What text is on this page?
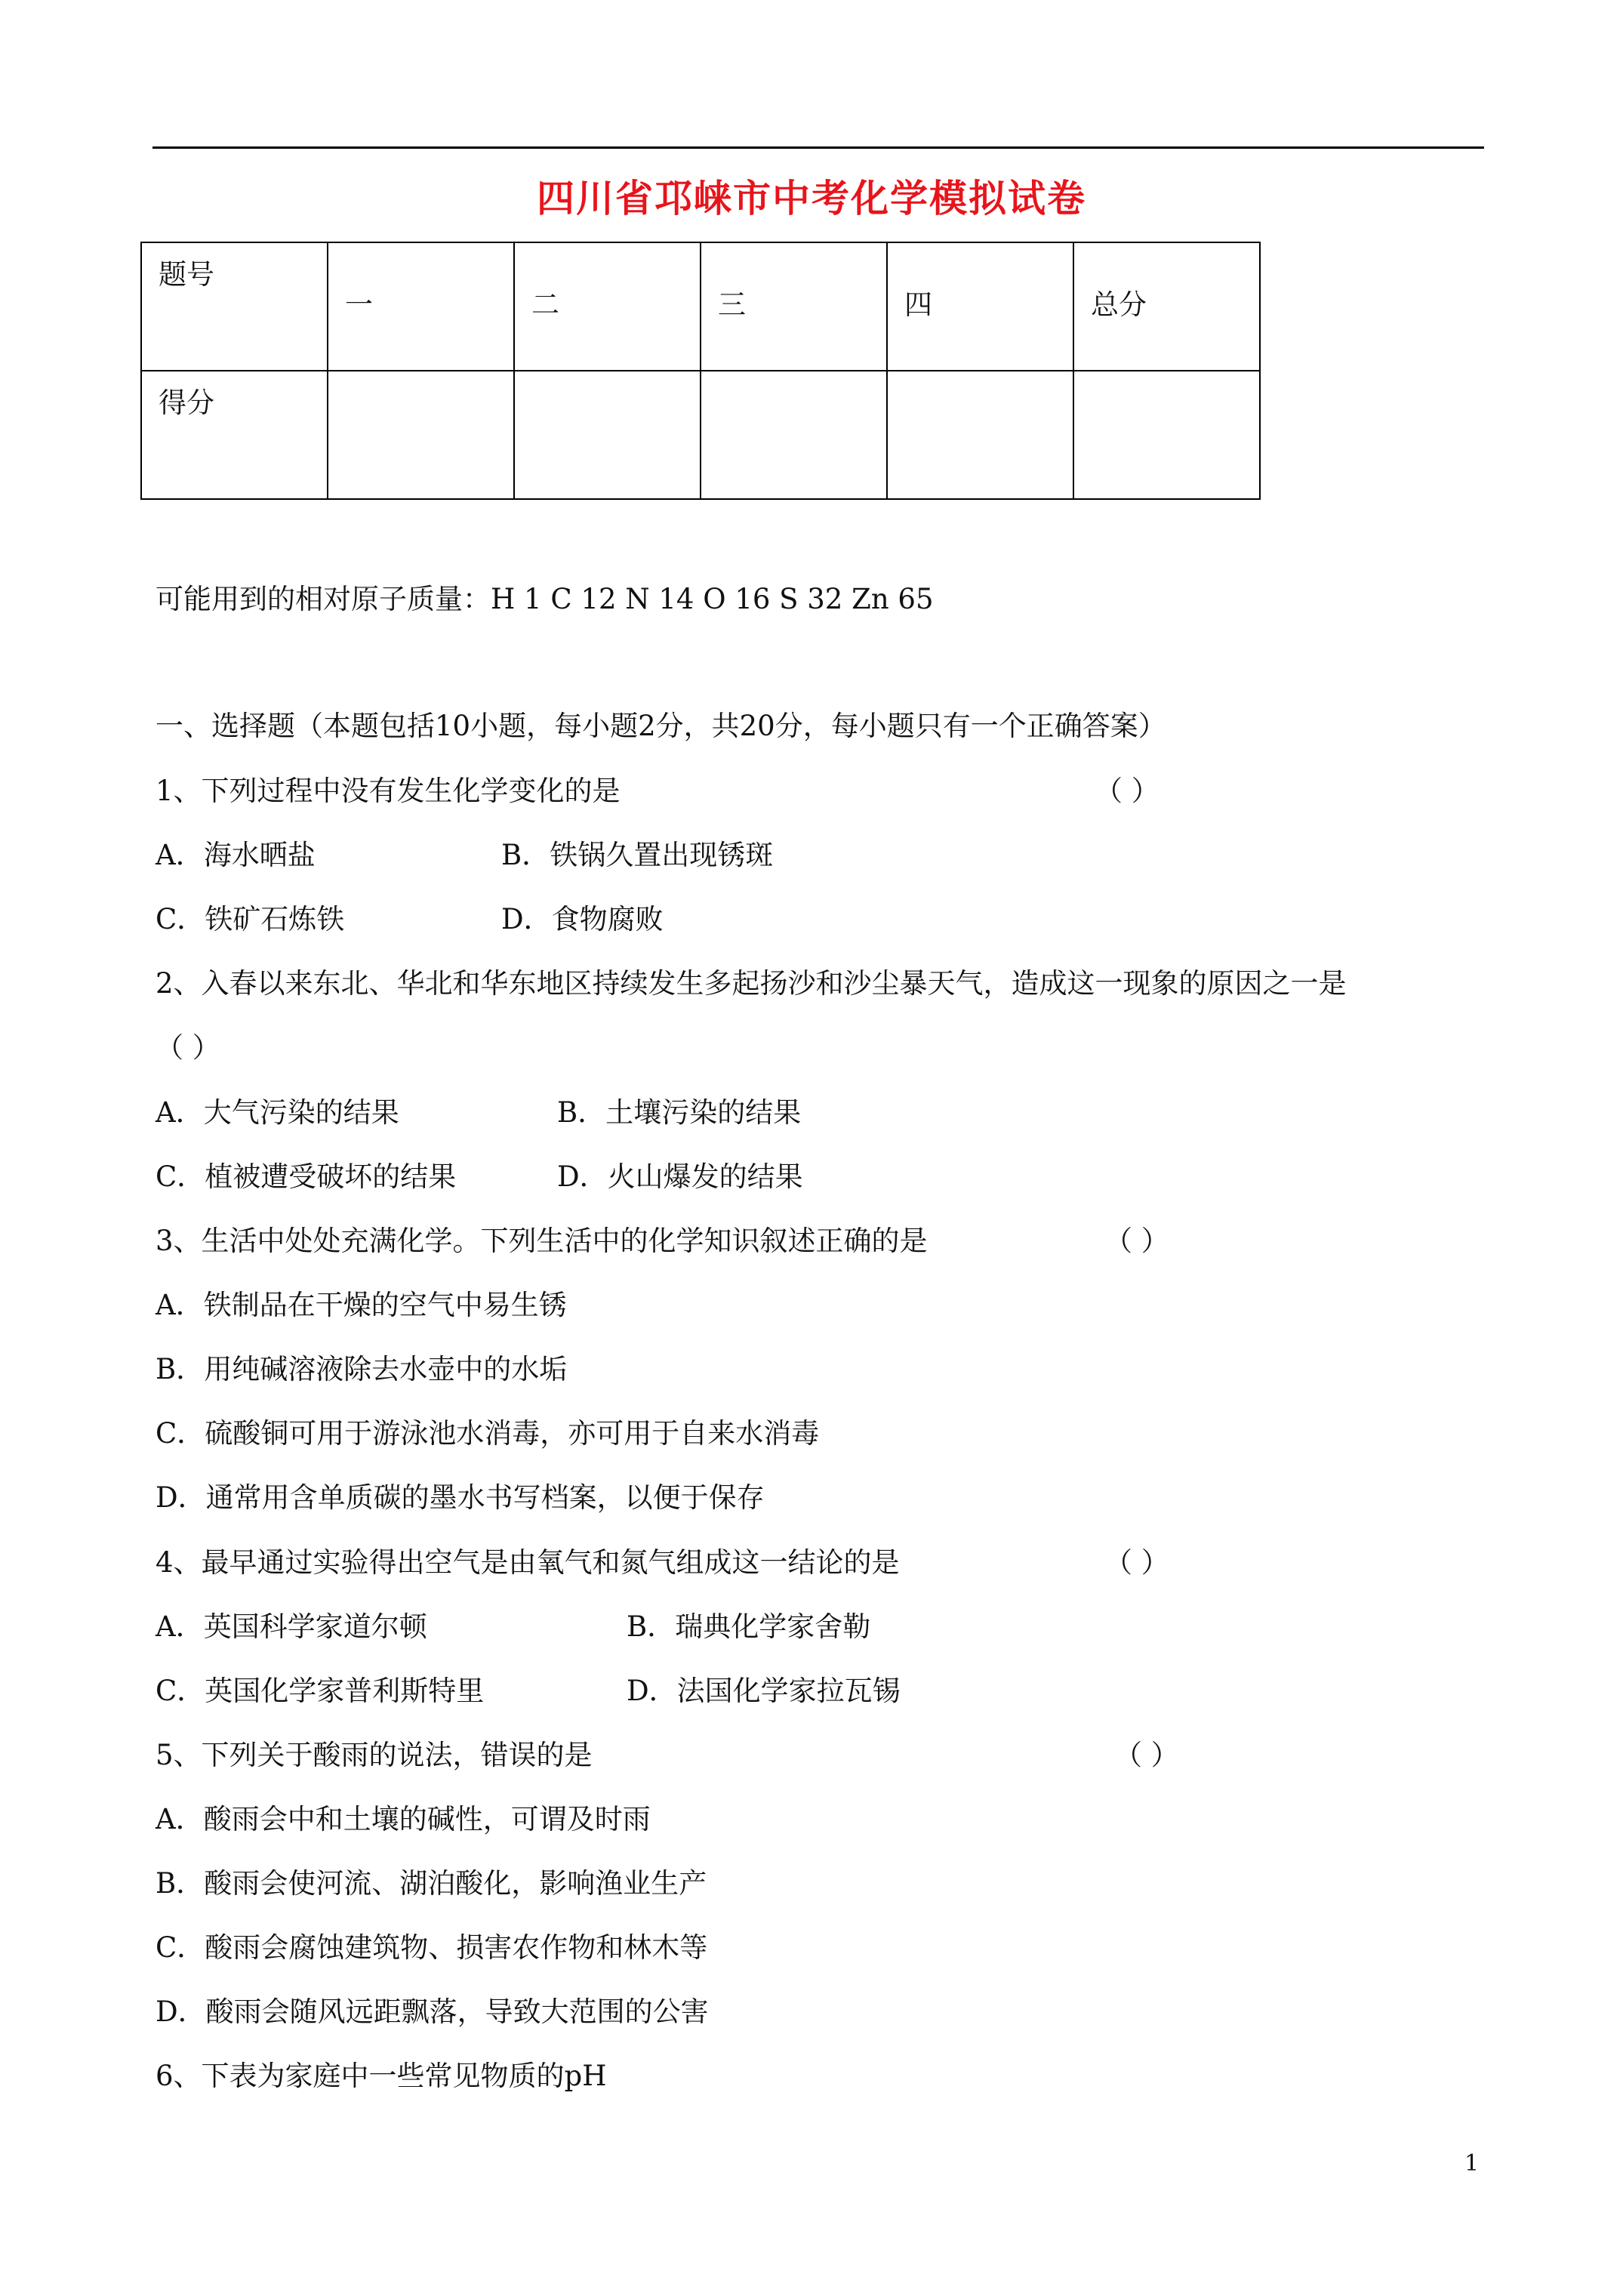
四川省邛崃市中考化学模拟试卷
题号	一	二	三	四	总分

得分					

可能用到的相对原子质量：H 1 C 12 N 14 O 16 S 32 Zn 65
一、选择题（本题包括10小题，每小题2分，共20分，每小题只有一个正确答案）
1、下列过程中没有发生化学变化的是	（ ）
A．海水晒盐	B．铁锅久置出现锈斑
C．铁矿石炼铁	D．食物腐败
2、入春以来东北、华北和华东地区持续发生多起扬沙和沙尘暴天气，造成这一现象的原因之一是
（ ）
A．大气污染的结果	B．土壤污染的结果
C．植被遭受破坏的结果	D．火山爆发的结果
3、生活中处处充满化学。下列生活中的化学知识叙述正确的是	（ ）
A．铁制品在干燥的空气中易生锈
B．用纯碱溶液除去水壶中的水垢
C．硫酸铜可用于游泳池水消毒，亦可用于自来水消毒
D．通常用含单质碳的墨水书写档案，以便于保存
4、最早通过实验得出空气是由氧气和氮气组成这一结论的是	（ ）
A．英国科学家道尔顿	B．瑞典化学家舍勒
C．英国化学家普利斯特里	D．法国化学家拉瓦锡
5、下列关于酸雨的说法，错误的是	（ ）
A．酸雨会中和土壤的碱性，可谓及时雨
B．酸雨会使河流、湖泊酸化，影响渔业生产
C．酸雨会腐蚀建筑物、损害农作物和林木等
D．酸雨会随风远距飘落，导致大范围的公害
6、下表为家庭中一些常见物质的pH
1
